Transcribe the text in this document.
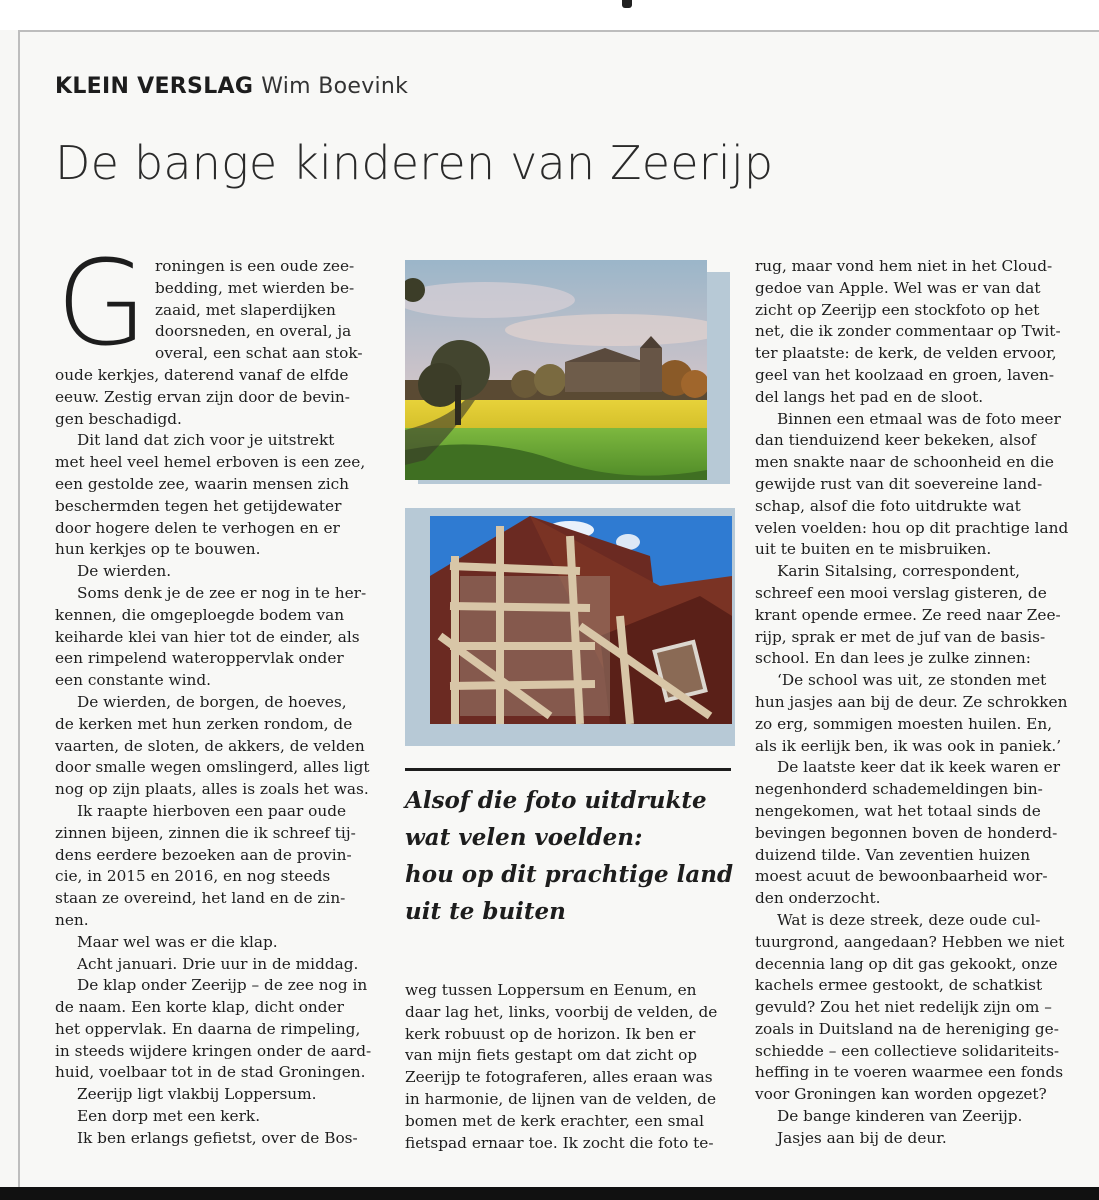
KLEIN VERSLAG Wim Boevink
De bange kinderen van Zeerijp
G roningen is een oude zee-
bedding, met wierden be-
zaaid, met slaperdijken
doorsneden, en overal, ja
overal, een schat aan stok-
oude kerkjes, daterend vanaf de elfde
eeuw. Zestig ervan zijn door de bevin-
gen beschadigd.
Dit land dat zich voor je uitstrekt
met heel veel hemel erboven is een zee,
een gestolde zee, waarin mensen zich
beschermden tegen het getijdewater
door hogere delen te verhogen en er
hun kerkjes op te bouwen.
De wierden.
Soms denk je de zee er nog in te her-
kennen, die omgeploegde bodem van
keiharde klei van hier tot de einder, als
een rimpelend wateroppervlak onder
een constante wind.
De wierden, de borgen, de hoeves,
de kerken met hun zerken rondom, de
vaarten, de sloten, de akkers, de velden
door smalle wegen omslingerd, alles ligt
nog op zijn plaats, alles is zoals het was.
Ik raapte hierboven een paar oude
zinnen bijeen, zinnen die ik schreef tij-
dens eerdere bezoeken aan de provin-
cie, in 2015 en 2016, en nog steeds
staan ze overeind, het land en de zin-
nen.
Maar wel was er die klap.
Acht januari. Drie uur in de middag.
De klap onder Zeerijp – de zee nog in
de naam. Een korte klap, dicht onder
het oppervlak. En daarna de rimpeling,
in steeds wijdere kringen onder de aard-
huid, voelbaar tot in de stad Groningen.
Zeerijp ligt vlakbij Loppersum.
Een dorp met een kerk.
Ik ben erlangs gefietst, over de Bos-
Alsof die foto uitdrukte
wat velen voelden:
hou op dit prachtige land
uit te buiten
weg tussen Loppersum en Eenum, en
daar lag het, links, voorbij de velden, de
kerk robuust op de horizon. Ik ben er
van mijn fiets gestapt om dat zicht op
Zeerijp te fotograferen, alles eraan was
in harmonie, de lijnen van de velden, de
bomen met de kerk erachter, een smal
fietspad ernaar toe. Ik zocht die foto te-
rug, maar vond hem niet in het Cloud-
gedoe van Apple. Wel was er van dat
zicht op Zeerijp een stockfoto op het
net, die ik zonder commentaar op Twit-
ter plaatste: de kerk, de velden ervoor,
geel van het koolzaad en groen, laven-
del langs het pad en de sloot.
Binnen een etmaal was de foto meer
dan tienduizend keer bekeken, alsof
men snakte naar de schoonheid en die
gewijde rust van dit soevereine land-
schap, alsof die foto uitdrukte wat
velen voelden: hou op dit prachtige land
uit te buiten en te misbruiken.
Karin Sitalsing, correspondent,
schreef een mooi verslag gisteren, de
krant opende ermee. Ze reed naar Zee-
rijp, sprak er met de juf van de basis-
school. En dan lees je zulke zinnen:
‘De school was uit, ze stonden met
hun jasjes aan bij de deur. Ze schrokken
zo erg, sommigen moesten huilen. En,
als ik eerlijk ben, ik was ook in paniek.’
De laatste keer dat ik keek waren er
negenhonderd schademeldingen bin-
nengekomen, wat het totaal sinds de
bevingen begonnen boven de honderd-
duizend tilde. Van zeventien huizen
moest acuut de bewoonbaarheid wor-
den onderzocht.
Wat is deze streek, deze oude cul-
tuurgrond, aangedaan? Hebben we niet
decennia lang op dit gas gekookt, onze
kachels ermee gestookt, de schatkist
gevuld? Zou het niet redelijk zijn om –
zoals in Duitsland na de hereniging ge-
schiedde – een collectieve solidariteits-
heffing in te voeren waarmee een fonds
voor Groningen kan worden opgezet?
De bange kinderen van Zeerijp.
Jasjes aan bij de deur.
